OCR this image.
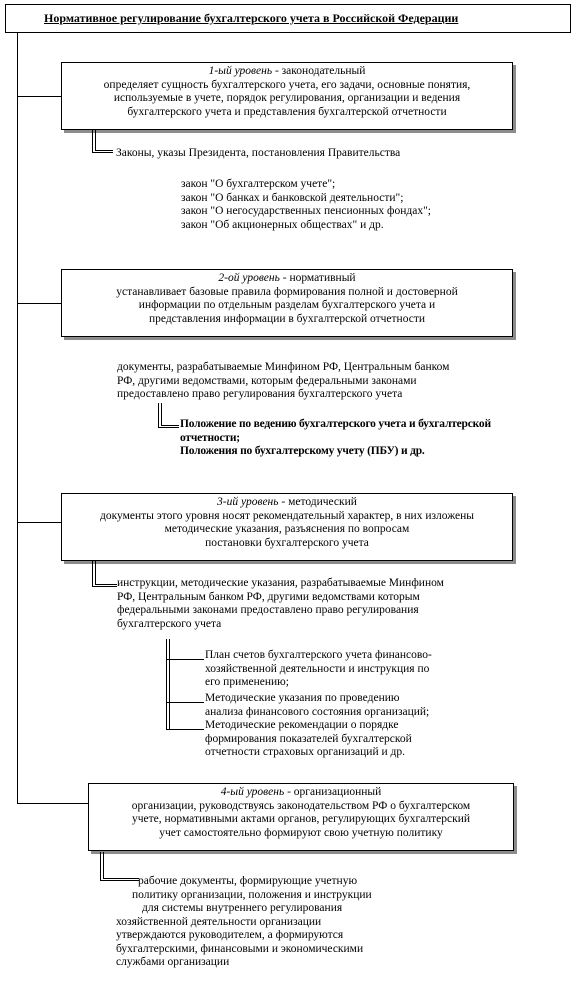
Нормативное регулирование бухгалтерского учета в Российской Федерации
1-ый уровень - законодательный
определяет сущность бухгалтерского учета, его задачи, основные понятия,
используемые в учете, порядок регулирования, организации и ведения
бухгалтерского учета и представления бухгалтерской отчетности
Законы, указы Президента, постановления Правительства
закон "О бухгалтерском учете";
закон "О банках и банковской деятельности";
закон "О негосударственных пенсионных фондах";
закон "Об акционерных обществах" и др.
2-ой уровень - нормативный
устанавливает базовые правила формирования полной и достоверной
информации по отдельным разделам бухгалтерского учета и
представления информации в бухгалтерской отчетности
документы, разрабатываемые Минфином РФ, Центральным банком
РФ, другими ведомствами, которым федеральными законами
предоставлено право регулирования бухгалтерского учета
Положение по ведению бухгалтерского учета и бухгалтерской
отчетности;
Положения по бухгалтерскому учету (ПБУ) и др.
3-ий уровень - методический
документы этого уровня носят рекомендательный характер, в них изложены
методические указания, разъяснения по вопросам
постановки бухгалтерского учета
инструкции, методические указания, разрабатываемые Минфином
РФ, Центральным банком РФ, другими ведомствами которым
федеральными законами предоставлено право регулирования
бухгалтерского учета
План счетов бухгалтерского учета финансово-
хозяйственной деятельности и инструкция по
его применению;
Методические указания по проведению
анализа финансового состояния организаций;
Методические рекомендации о порядке
формирования показателей бухгалтерской
отчетности страховых организаций и др.
4-ый уровень - организационный
организации, руководствуясь законодательством РФ о бухгалтерском
учете, нормативными актами органов, регулирующих бухгалтерский
учет самостоятельно формируют свою учетную политику
рабочие документы, формирующие учетную
политику организации, положения и инструкции
для системы внутреннего регулирования
хозяйственной деятельности организации
утверждаются руководителем, а формируются
бухгалтерскими, финансовыми и экономическими
службами организации
